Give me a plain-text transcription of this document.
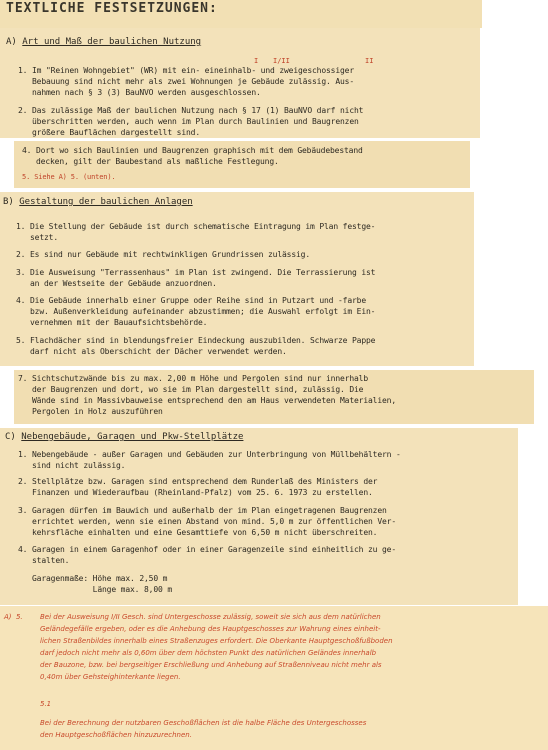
TEXTLICHE FESTSETZUNGEN:
A) Art und Maß der baulichen Nutzung
I I/II	II
1. Im "Reinen Wohngebiet" (WR) mit ein- eineinhalb- und zweigeschossiger
Bebauung sind nicht mehr als zwei Wohnungen je Gebäude zulässig. Aus-
nahmen nach § 3 (3) BauNVO werden ausgeschlossen.
2. Das zulässige Maß der baulichen Nutzung nach § 17 (1) BauNVO darf nicht
überschritten werden, auch wenn im Plan durch Baulinien und Baugrenzen
größere Bauflächen dargestellt sind.
4. Dort wo sich Baulinien und Baugrenzen graphisch mit dem Gebäudebestand
decken, gilt der Baubestand als maßliche Festlegung.
5. Siehe A) 5. (unten).
B) Gestaltung der baulichen Anlagen
1. Die Stellung der Gebäude ist durch schematische Eintragung im Plan festge-
setzt.
2. Es sind nur Gebäude mit rechtwinkligen Grundrissen zulässig.
3. Die Ausweisung "Terrassenhaus" im Plan ist zwingend. Die Terrassierung ist
an der Westseite der Gebäude anzuordnen.
4. Die Gebäude innerhalb einer Gruppe oder Reihe sind in Putzart und -farbe
bzw. Außenverkleidung aufeinander abzustimmen; die Auswahl erfolgt im Ein-
vernehmen mit der Bauaufsichtsbehörde.
5. Flachdächer sind in blendungsfreier Eindeckung auszubilden. Schwarze Pappe
darf nicht als Oberschicht der Dächer verwendet werden.
7. Sichtschutzwände bis zu max. 2,00 m Höhe und Pergolen sind nur innerhalb
der Baugrenzen und dort, wo sie im Plan dargestellt sind, zulässig. Die
Wände sind in Massivbauweise entsprechend den am Haus verwendeten Materialien,
Pergolen in Holz auszuführen
C) Nebengebäude, Garagen und Pkw-Stellplätze
1. Nebengebäude - außer Garagen und Gebäuden zur Unterbringung von Müllbehältern -
sind nicht zulässig.
2. Stellplätze bzw. Garagen sind entsprechend dem Runderlaß des Ministers der
Finanzen und Wiederaufbau (Rheinland-Pfalz) vom 25. 6. 1973 zu erstellen.
3. Garagen dürfen im Bauwich und außerhalb der im Plan eingetragenen Baugrenzen
errichtet werden, wenn sie einen Abstand von mind. 5,0 m zur öffentlichen Ver-
kehrsfläche einhalten und eine Gesamttiefe von 6,50 m nicht überschreiten.
4. Garagen in einem Garagenhof oder in einer Garagenzeile sind einheitlich zu ge-
stalten.
Garagenmaße: Höhe max. 2,50 m
Länge max. 8,00 m
A)  5. Bei der Ausweisung I/II Gesch. sind Untergeschosse zulässig, soweit sie sich aus dem natürlichen
Geländegefälle ergeben, oder es die Anhebung des Hauptgeschosses zur Wahrung eines einheit-
lichen Straßenbildes innerhalb eines Straßenzuges erfordert. Die Oberkante Hauptgeschoßfußboden
darf jedoch nicht mehr als 0,60m über dem höchsten Punkt des natürlichen Geländes innerhalb
der Bauzone, bzw. bei bergseitiger Erschließung und Anhebung auf Straßenniveau nicht mehr als
0,40m über Gehsteighinterkante liegen.
5.1
Bei der Berechnung der nutzbaren Geschoßflächen ist die halbe Fläche des Untergeschosses
den Hauptgeschoßflächen hinzuzurechnen.
